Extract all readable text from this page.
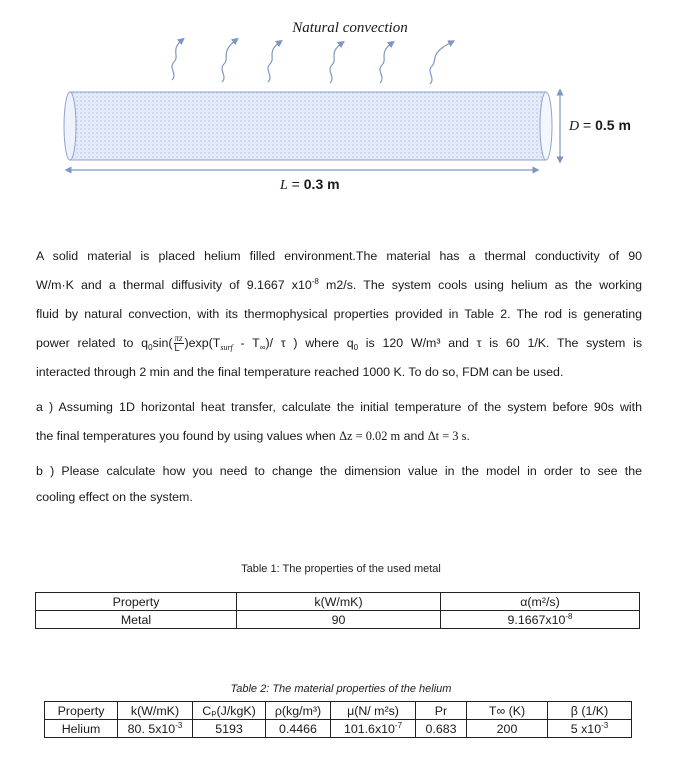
Natural convection
D = 0.5 m
L = 0.3 m
A solid material is placed helium filled environment.The material has a thermal conductivity of 90
W/m·K and a thermal diffusivity of 9.1667 $x10^{-8}$ m2/s. The system cools using helium as the working
fluid by natural convection, with its thermophysical properties provided in Table 2. The rod is generating
power related to $q_0\sin( \frac{\pi z}{L} )\exp(T_{surf} - T_\infty)/$ τ ) where $q_0$ is 120 W/m³ and τ is 60 1/K. The system is
interacted through 2 min and the final temperature reached 1000 K. To do so, FDM can be used.
a ) Assuming 1D horizontal heat transfer, calculate the initial temperature of the system before 90s with
the final temperatures you found by using values when Δz = 0.02 m and Δt = 3 s.
b ) Please calculate how you need to change the dimension value in the model in order to see the
cooling effect on the system.
Table 1: The properties of the used metal
Property	k(W/mK)	α(m²/s)
Metal	90	$9.1667x10^{-8}$
Table 2: The material properties of the helium
Property	k(W/mK)	Cₚ(J/kgK)	ρ(kg/m³)	μ(N/ m²s)	Pr	T∞ (K)	β (1/K)
Helium	80. $5x10^{-3}$	5193	0.4466	$101.6x10^{-7}$	0.683	200	5 $x10^{-3}$
